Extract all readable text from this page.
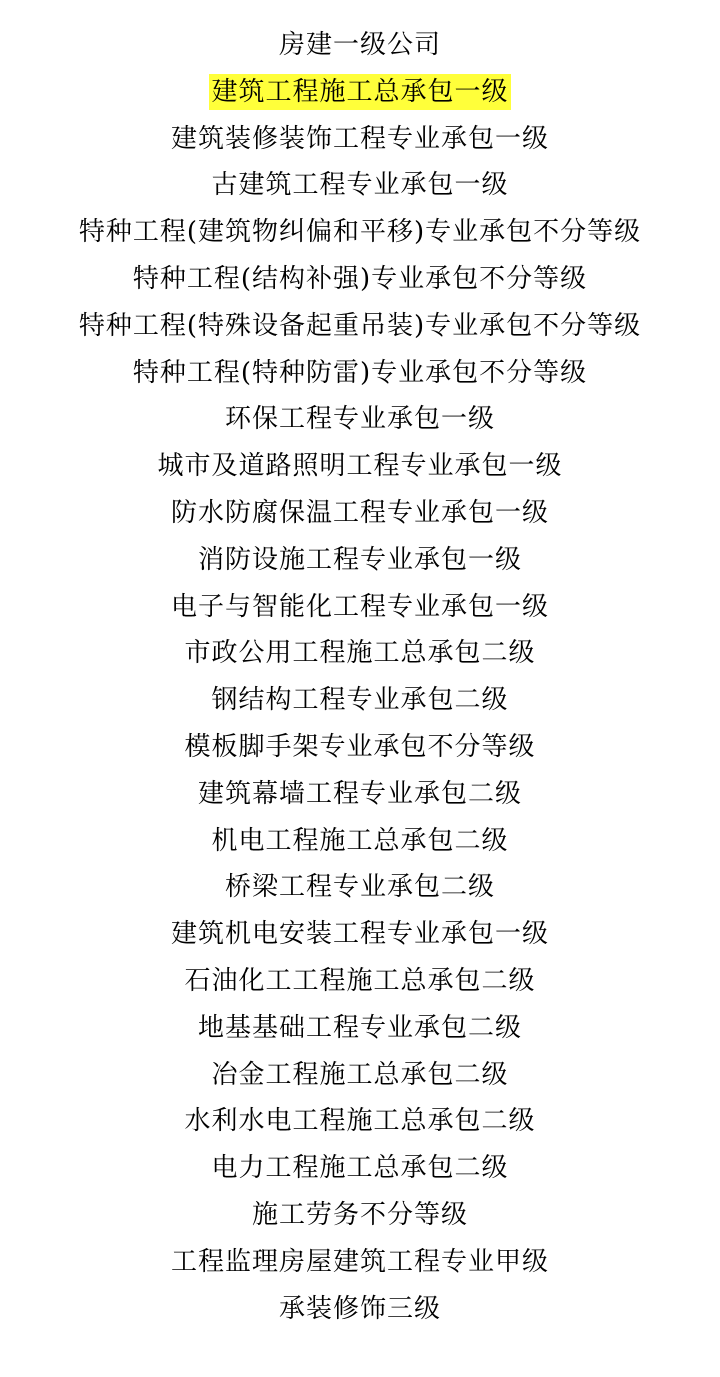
房建一级公司
建筑工程施工总承包一级
建筑装修装饰工程专业承包一级
古建筑工程专业承包一级
特种工程(建筑物纠偏和平移)专业承包不分等级
特种工程(结构补强)专业承包不分等级
特种工程(特殊设备起重吊装)专业承包不分等级
特种工程(特种防雷)专业承包不分等级
环保工程专业承包一级
城市及道路照明工程专业承包一级
防水防腐保温工程专业承包一级
消防设施工程专业承包一级
电子与智能化工程专业承包一级
市政公用工程施工总承包二级
钢结构工程专业承包二级
模板脚手架专业承包不分等级
建筑幕墙工程专业承包二级
机电工程施工总承包二级
桥梁工程专业承包二级
建筑机电安装工程专业承包一级
石油化工工程施工总承包二级
地基基础工程专业承包二级
冶金工程施工总承包二级
水利水电工程施工总承包二级
电力工程施工总承包二级
施工劳务不分等级
工程监理房屋建筑工程专业甲级
承装修饰三级
